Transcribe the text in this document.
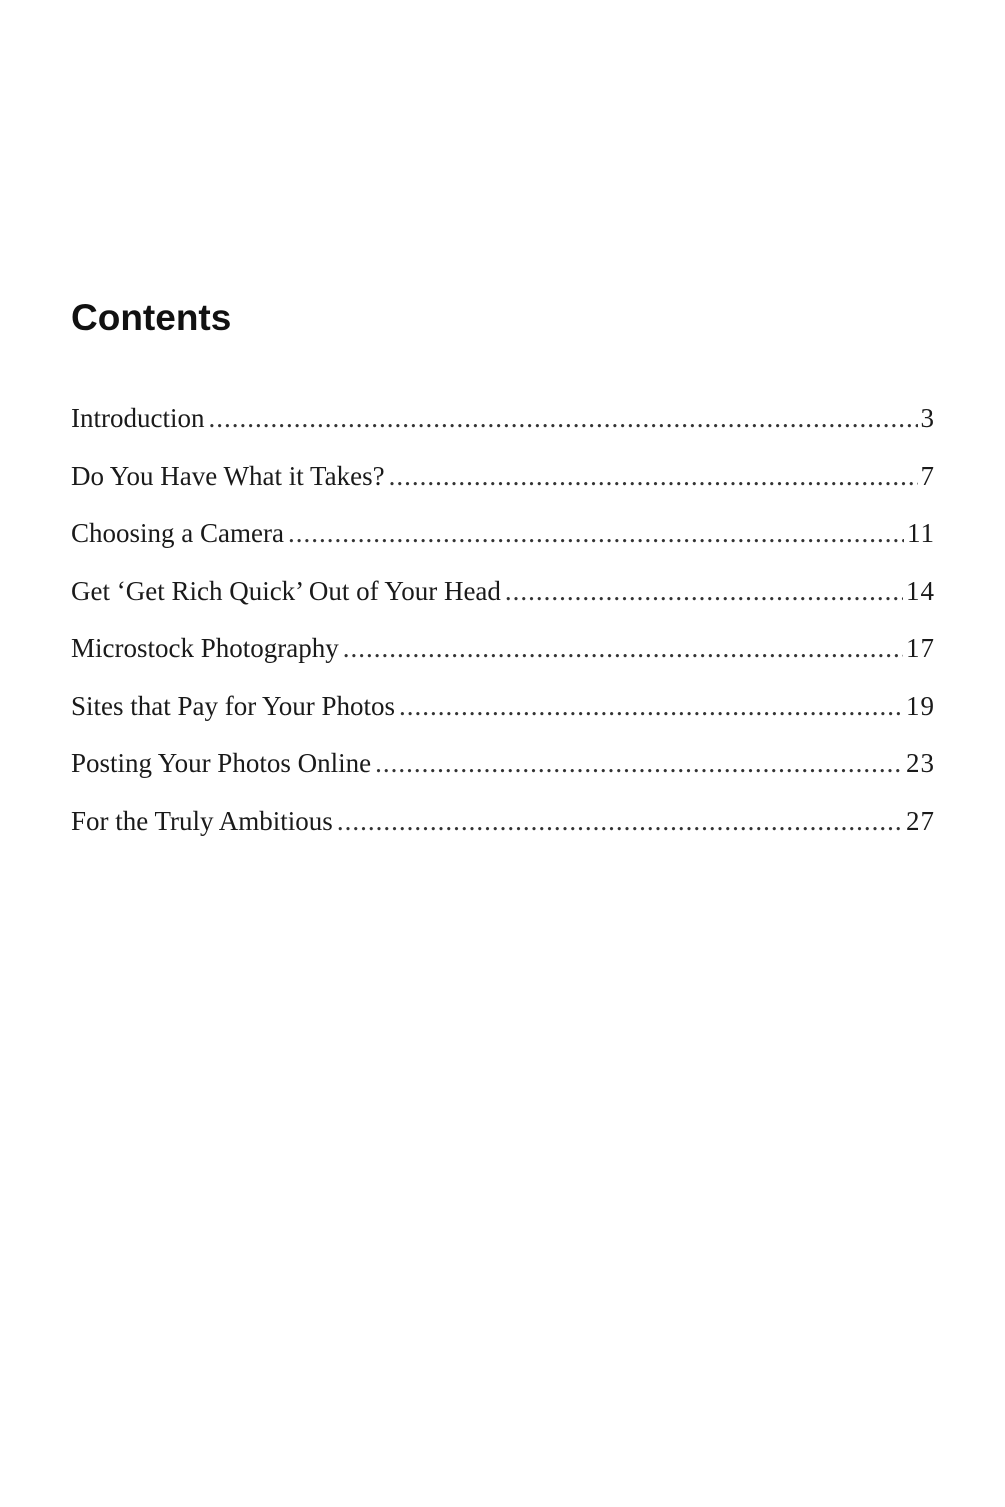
Contents
Introduction .....	3
Do You Have What it Takes? .....	7
Choosing a Camera .....	11
Get ‘Get Rich Quick’ Out of Your Head .....	14
Microstock Photography .....	17
Sites that Pay for Your Photos .....	19
Posting Your Photos Online .....	23
For the Truly Ambitious .....	27
